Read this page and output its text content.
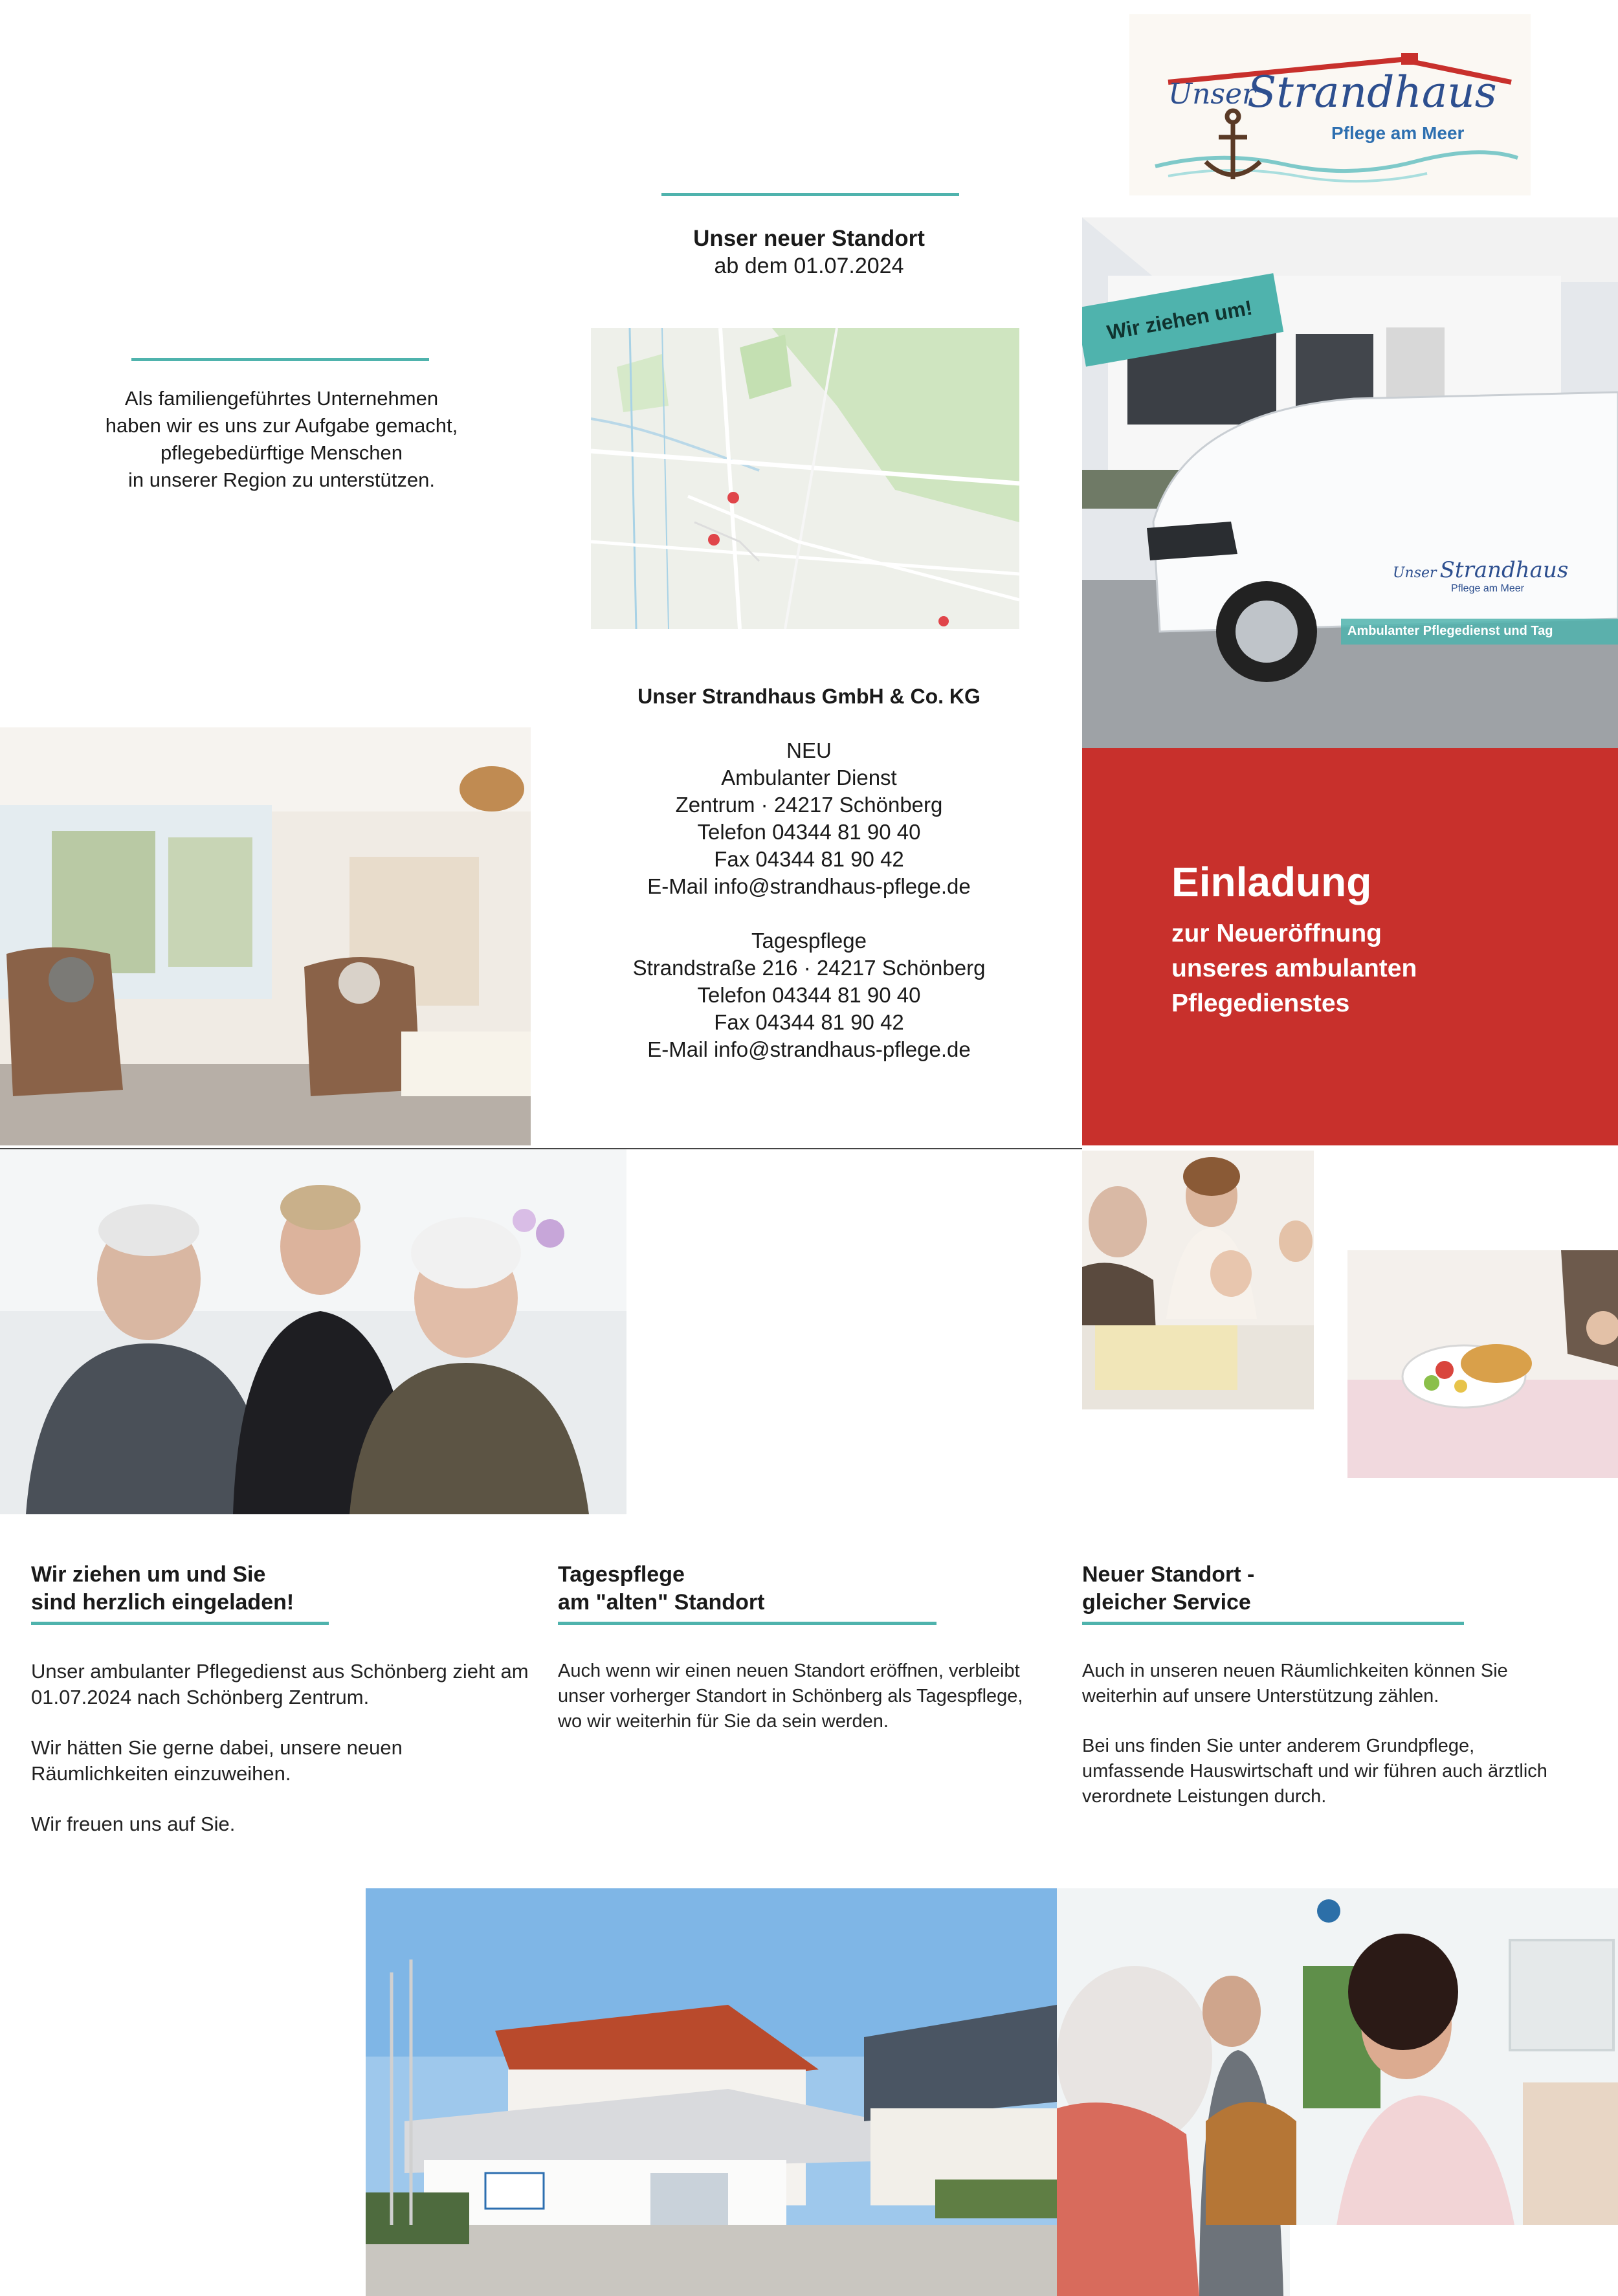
Unser
Strandhaus
Pflege am Meer
Unser neuer Standort
ab dem 01.07.2024
Als familiengeführtes Unternehmen
haben wir es uns zur Aufgabe gemacht,
pflegebedürftige Menschen
in unserer Region zu unterstützen.
Unser Strandhaus
Pflege am Meer
Ambulanter Pflegedienst und Tag
Wir ziehen um!
Einladung
zur Neueröffnung
unseres ambulanten
Pflegedienstes
Unser Strandhaus GmbH & Co. KG
NEU
Ambulanter Dienst
Zentrum · 24217 Schönberg
Telefon 04344 81 90 40
Fax 04344 81 90 42
E-Mail info@strandhaus-pflege.de
Tagespflege
Strandstraße 216 · 24217 Schönberg
Telefon 04344 81 90 40
Fax 04344 81 90 42
E-Mail info@strandhaus-pflege.de
Wir ziehen um und Sie
sind herzlich eingeladen!

Unser ambulanter Pflegedienst aus Schönberg zieht am 01.07.2024 nach Schönberg Zentrum.

Wir hätten Sie gerne dabei, unsere neuen Räumlichkeiten einzuweihen.

Wir freuen uns auf Sie.

Tagespflege
am "alten" Standort

Auch wenn wir einen neuen Standort eröffnen, verbleibt unser vorherger Standort in Schönberg als Tagespflege, wo wir weiterhin für Sie da sein werden.

Neuer Standort -
gleicher Service

Auch in unseren neuen Räumlichkeiten können Sie weiterhin auf unsere Unterstützung zählen.

Bei uns finden Sie unter anderem Grundpflege, umfassende Hauswirtschaft und wir führen auch ärztlich verordnete Leistungen durch.
